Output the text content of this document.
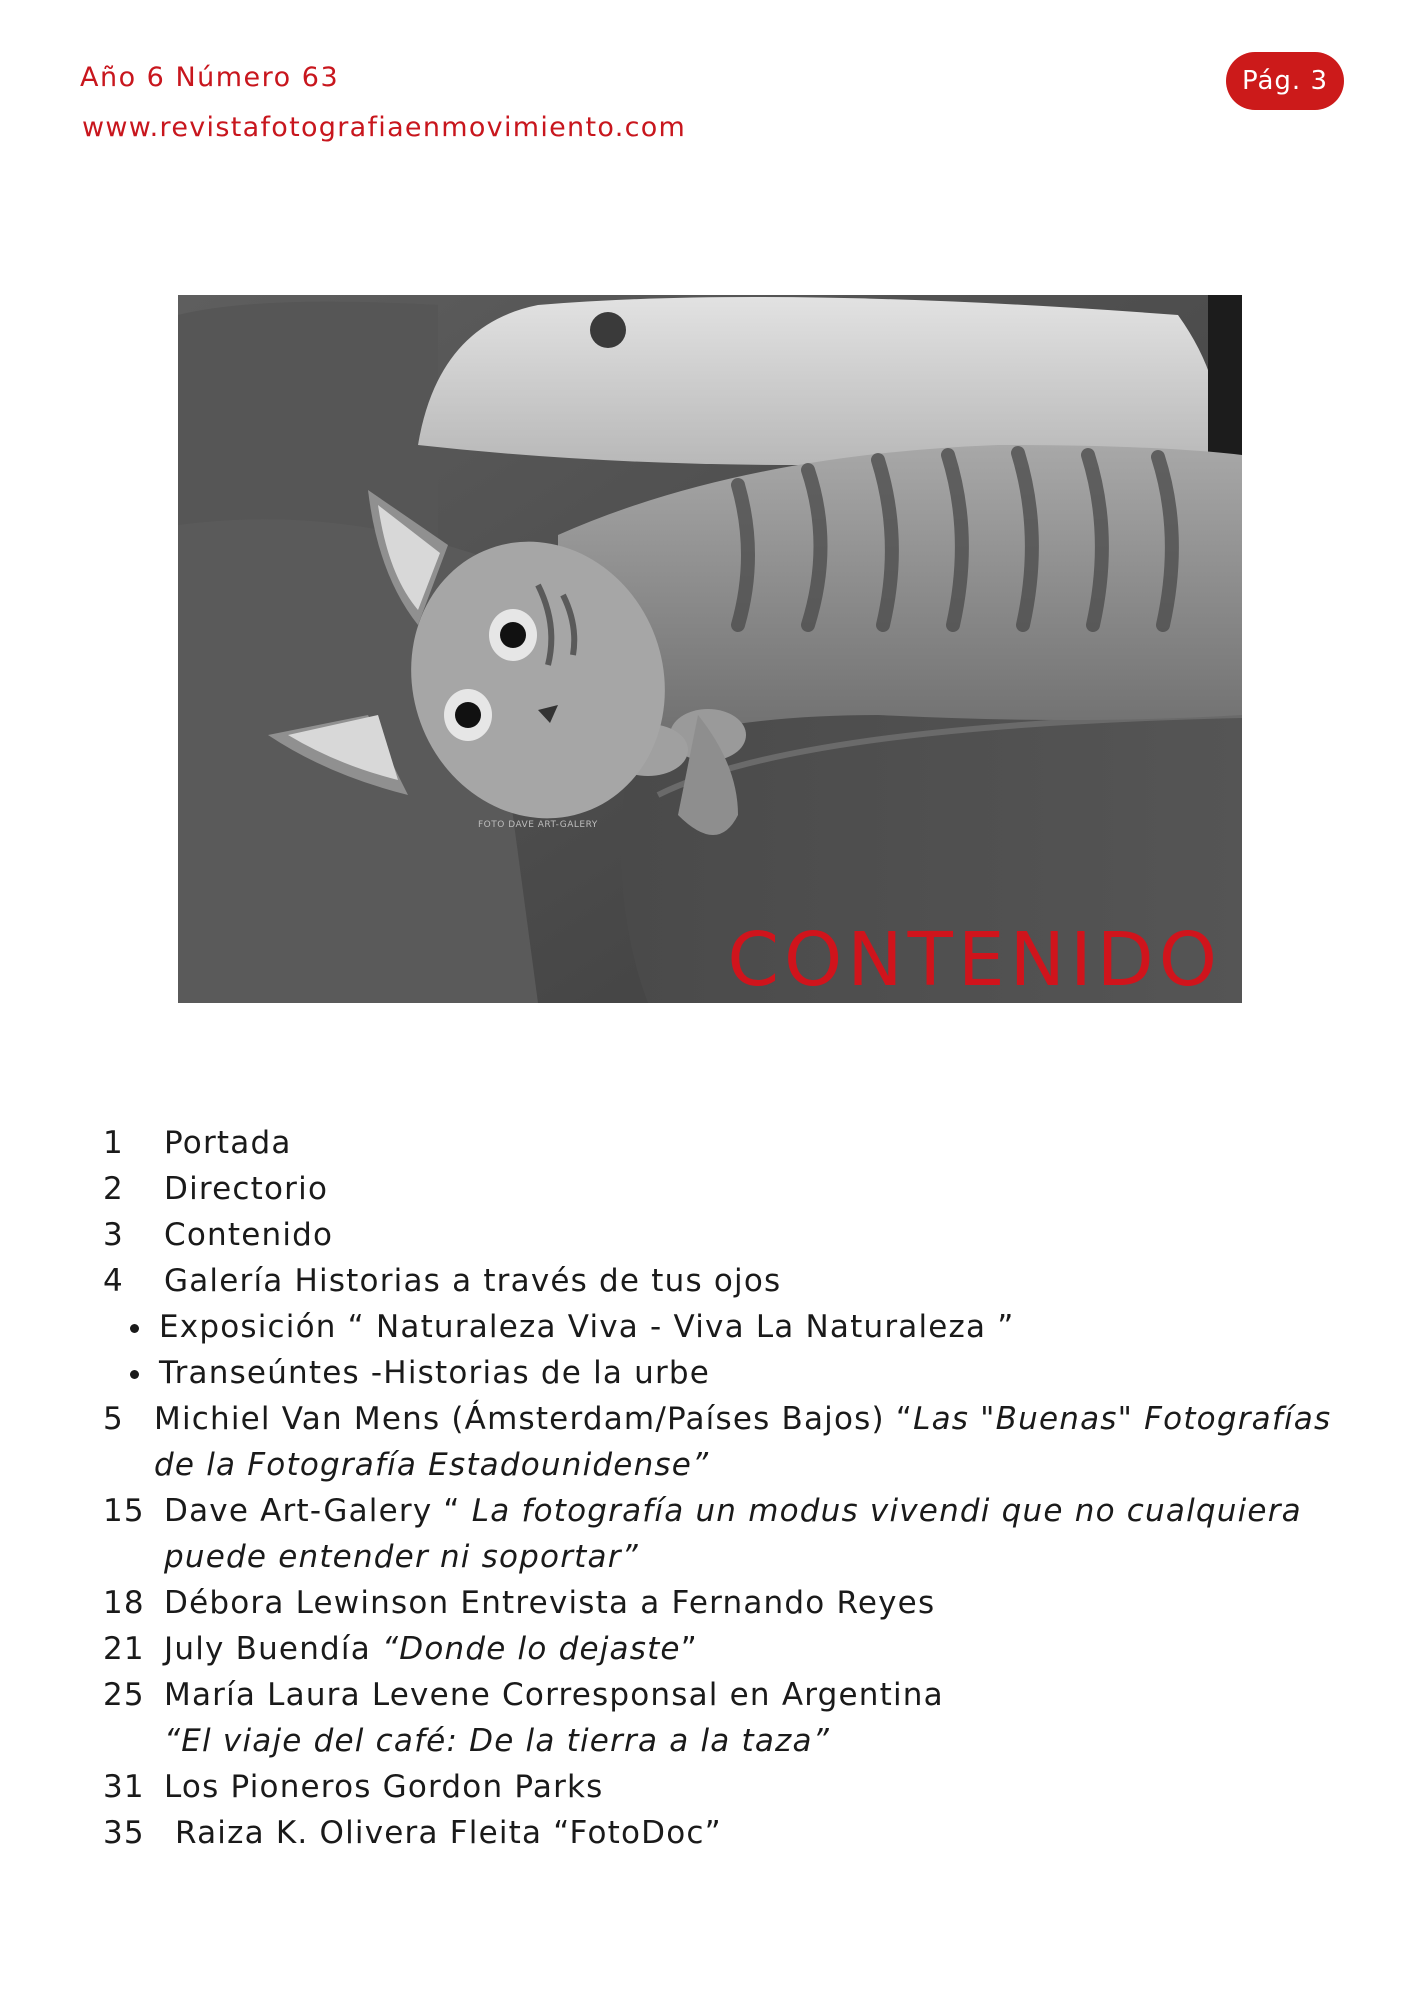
Año 6 Número 63
www.revistafotografiaenmovimiento.com
Pág. 3
FOTO DAVE ART-GALERY
CONTENIDO
1 Portada
2 Directorio
3 Contenido
4 Galería Historias a través de tus ojos
Exposición “ Naturaleza Viva - Viva La Naturaleza ”
Transeúntes -Historias de la urbe
5 Michiel Van Mens (Ámsterdam/Países Bajos) “Las "Buenas" Fotografías
de la Fotografía Estadounidense”
15 Dave Art-Galery “ La fotografía un modus vivendi que no cualquiera
puede entender ni soportar”
18 Débora Lewinson Entrevista a Fernando Reyes
21 July Buendía “Donde lo dejaste”
25 María Laura Levene Corresponsal en Argentina
“El viaje del café: De la tierra a la taza”
31 Los Pioneros Gordon Parks
35 Raiza K. Olivera Fleita “FotoDoc”
